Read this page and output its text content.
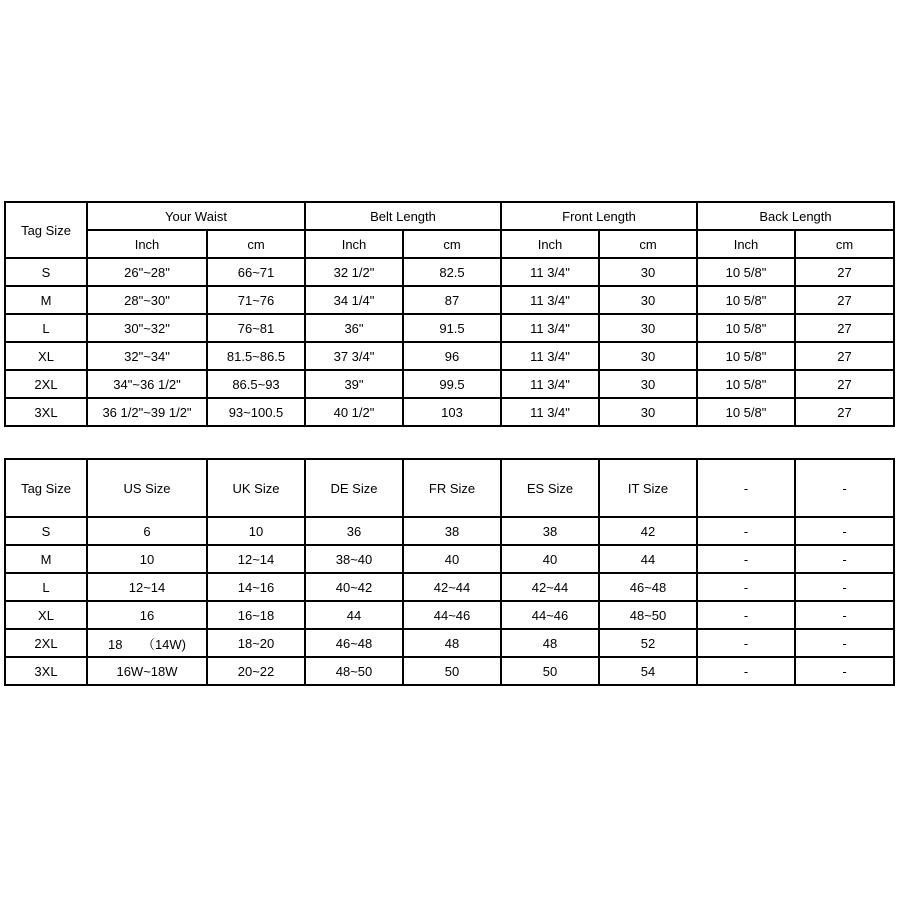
Tag Size	Your Waist		Belt Length		Front Length		Back Length	
	Inch	cm	Inch	cm	Inch	cm	Inch	cm
S	26"~28"	66~71	32 1/2"	82.5	11 3/4"	30	10 5/8"	27
M	28"~30"	71~76	34 1/4"	87	11 3/4"	30	10 5/8"	27
L	30"~32"	76~81	36"	91.5	11 3/4"	30	10 5/8"	27
XL	32"~34"	81.5~86.5	37 3/4"	96	11 3/4"	30	10 5/8"	27
2XL	34"~36 1/2"	86.5~93	39"	99.5	11 3/4"	30	10 5/8"	27
3XL	36 1/2"~39 1/2"	93~100.5	40 1/2"	103	11 3/4"	30	10 5/8"	27
Tag Size	US Size	UK Size	DE Size	FR Size	ES Size	IT Size	-	-
S	6	10	36	38	38	42	-	-
M	10	12~14	38~40	40	40	44	-	-
L	12~14	14~16	40~42	42~44	42~44	46~48	-	-
XL	16	16~18	44	44~46	44~46	48~50	-	-
2XL	18　　（14W)	18~20	46~48	48	48	52	-	-
3XL	16W~18W	20~22	48~50	50	50	54	-	-
